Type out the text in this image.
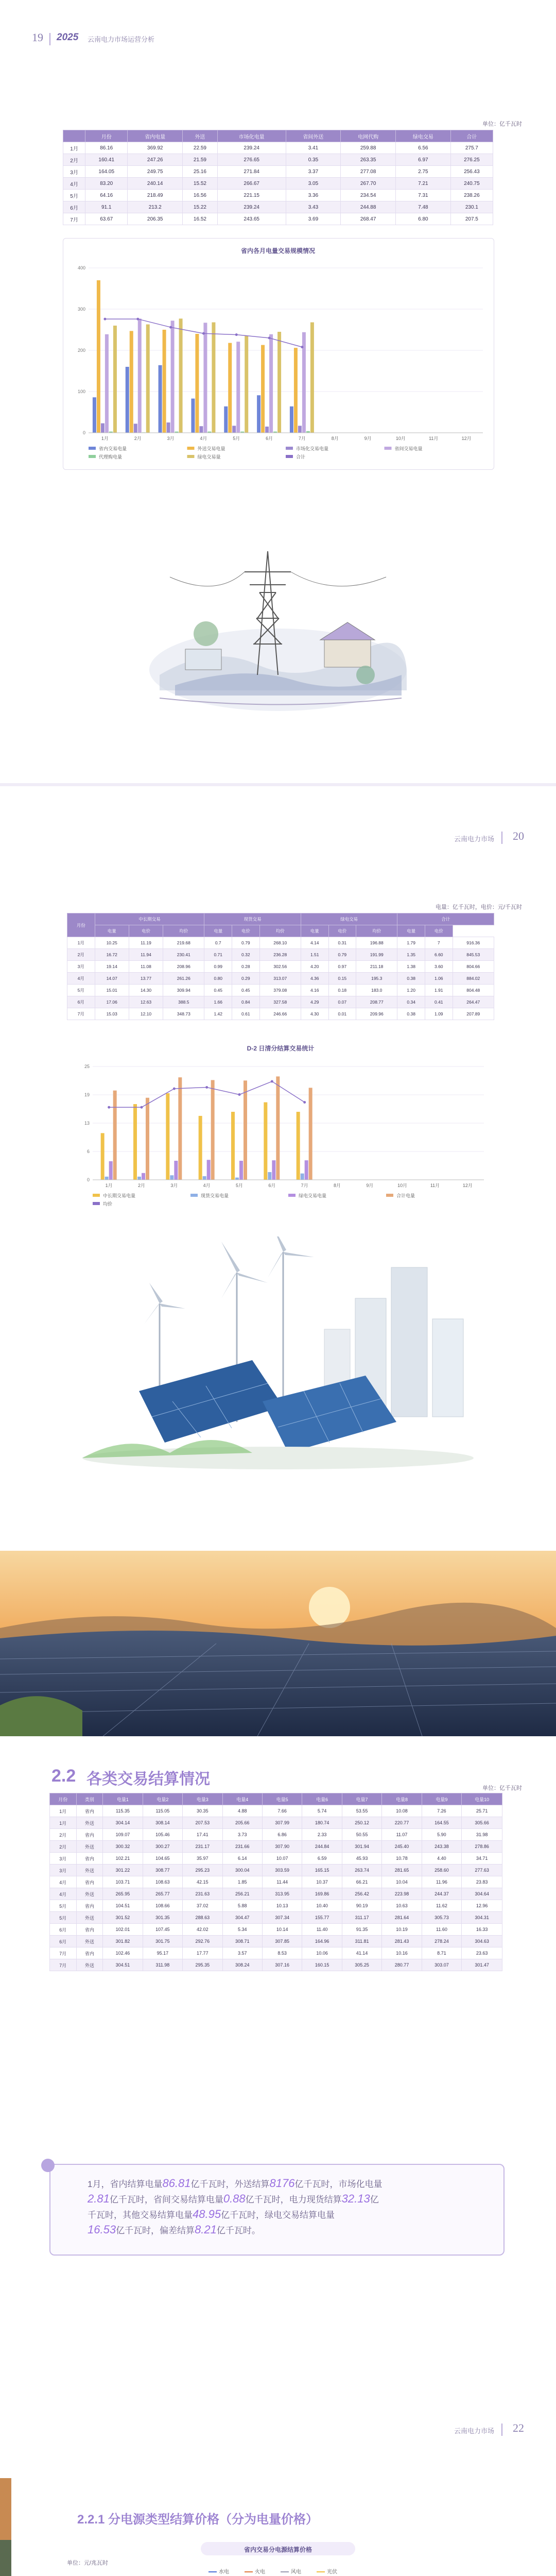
19 2025 云南电力市场运营分析
单位：亿千瓦时
	月份	省内电量	外送	市场化电量	省间外送	电网代购	绿电交易	合计
1月	86.16	369.92	22.59	239.24	3.41	259.88	6.56	275.7
2月	160.41	247.26	21.59	276.65	0.35	263.35	6.97	276.25
3月	164.05	249.75	25.16	271.84	3.37	277.08	2.75	256.43
4月	83.20	240.14	15.52	266.67	3.05	267.70	7.21	240.75
5月	64.16	218.49	16.56	221.15	3.36	234.54	7.31	238.26
6月	91.1	213.2	15.22	239.24	3.43	244.88	7.48	230.1
7月	63.67	206.35	16.52	243.65	3.69	268.47	6.80	207.5
省内各月电量交易规模情况
0
100
200
300
400
1月	2月	3月	4月	5月	6月	7月	8月	9月	10月	11月	12月
省内交易电量	外送交易电量	市场化交易电量	省间交易电量
代理购电量	绿电交易量	合计
云南电力市场 20
电量：亿千瓦时，电价：元/千瓦时
月份	中长期交易			现货交易			绿电交易			合计		
	电量	电价	均价	电量	电价	均价	电量	电价	均价	电量	电价	
1月	10.25	11.19	219.68	0.7	0.79	268.10	4.14	0.31	196.88	1.79	7	916.36
2月	16.72	11.94	230.41	0.71	0.32	236.28	1.51	0.79	191.99	1.35	6.60	845.53
3月	19.14	11.08	208.96	0.99	0.28	302.56	4.20	0.97	211.18	1.38	3.60	804.66
4月	14.07	13.77	261.26	0.80	0.29	313.07	4.36	0.15	195.3	0.38	1.06	884.02
5月	15.01	14.30	309.94	0.45	0.45	379.08	4.16	0.18	183.0	1.20	1.91	804.48
6月	17.06	12.63	388.5	1.66	0.84	327.58	4.29	0.07	208.77	0.34	0.41	264.47
7月	15.03	12.10	348.73	1.42	0.61	246.66	4.30	0.01	209.96	0.38	1.09	207.89
D-2 日清分结算交易统计
0
6
13
19
25
1月	2月	3月	4月	5月	6月	7月	8月	9月	10月	11月	12月
中长期交易电量	现货交易电量	绿电交易电量	合计电量
均价
2.2 各类交易结算情况
单位：亿千瓦时
月份	类别	电量1	电量2	电量3	电量4	电量5	电量6	电量7	电量8	电量9	电量10
1月	省内	115.35	115.05	30.35	4.88	7.66	5.74	53.55	10.08	7.26	25.71
1月	外送	304.14	308.14	207.53	205.66	307.99	180.74	250.12	220.77	164.55	305.66
2月	省内	109.07	105.46	17.41	3.73	6.86	2.33	50.55	11.07	5.90	31.98
2月	外送	300.32	300.27	231.17	231.66	307.90	244.84	301.94	245.40	243.38	278.86
3月	省内	102.21	104.65	35.97	6.14	10.07	6.59	45.93	10.78	4.40	34.71
3月	外送	301.22	308.77	295.23	300.04	303.59	165.15	263.74	281.65	258.60	277.63
4月	省内	103.71	108.63	42.15	1.85	11.44	10.37	66.21	10.04	11.96	23.83
4月	外送	265.95	265.77	231.63	256.21	313.95	169.86	256.42	223.98	244.37	304.64
5月	省内	104.51	108.66	37.02	5.88	10.13	10.40	90.19	10.63	11.62	12.96
5月	外送	301.52	301.35	288.63	304.47	307.34	155.77	311.17	281.64	305.73	304.31
6月	省内	102.01	107.45	42.02	5.34	10.14	11.40	91.35	10.19	11.60	16.33
6月	外送	301.82	301.75	292.76	308.71	307.85	164.96	311.81	281.43	278.24	304.63
7月	省内	102.46	95.17	17.77	3.57	8.53	10.06	41.14	10.16	8.71	23.63
7月	外送	304.51	311.98	295.35	308.24	307.16	160.15	305.25	280.77	303.07	301.47
1月，省内结算电量86.81亿千瓦时，外送结算8176亿千瓦时，市场化电量
2.81亿千瓦时，省间交易结算电量0.88亿千瓦时，电力现货结算32.13亿
千瓦时，其他交易结算电量48.95亿千瓦时，绿电交易结算电量
16.53亿千瓦时，偏差结算8.21亿千瓦时。
云南电力市场 22
2.2.1 分电源类型结算价格（分为电量价格）
省内交易分电源结算价格
单位：元/兆瓦时
水电	火电	风电	光伏
